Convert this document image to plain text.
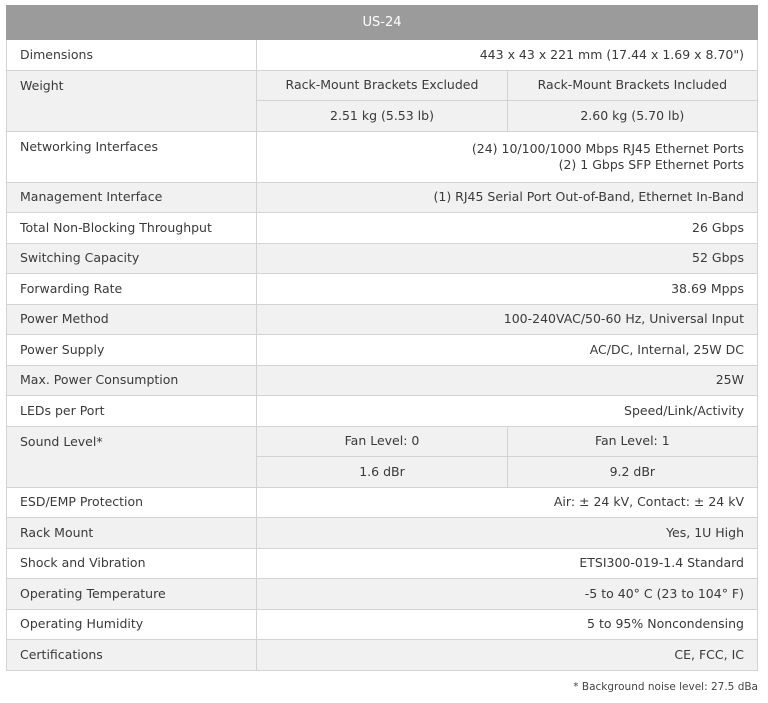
US-24		
Dimensions	443 x 43 x 221 mm (17.44 x 1.69 x 8.70")	
Weight	Rack-Mount Brackets Excluded	Rack-Mount Brackets Included
	2.51 kg (5.53 lb)	2.60 kg (5.70 lb)
Networking Interfaces	(24) 10/100/1000 Mbps RJ45 Ethernet Ports
(2) 1 Gbps SFP Ethernet Ports	

Management Interface	(1) RJ45 Serial Port Out-of-Band, Ethernet In-Band	
Total Non-Blocking Throughput	26 Gbps	
Switching Capacity	52 Gbps	
Forwarding Rate	38.69 Mpps	
Power Method	100-240VAC/50-60 Hz, Universal Input	
Power Supply	AC/DC, Internal, 25W DC	
Max. Power Consumption	25W	
LEDs per Port	Speed/Link/Activity	
Sound Level*	Fan Level: 0	Fan Level: 1
	1.6 dBr	9.2 dBr
ESD/EMP Protection	Air: ± 24 kV, Contact: ± 24 kV	
Rack Mount	Yes, 1U High	
Shock and Vibration	ETSI300-019-1.4 Standard	
Operating Temperature	-5 to 40° C (23 to 104° F)	
Operating Humidity	5 to 95% Noncondensing	
Certifications	CE, FCC, IC	
* Background noise level: 27.5 dBa
